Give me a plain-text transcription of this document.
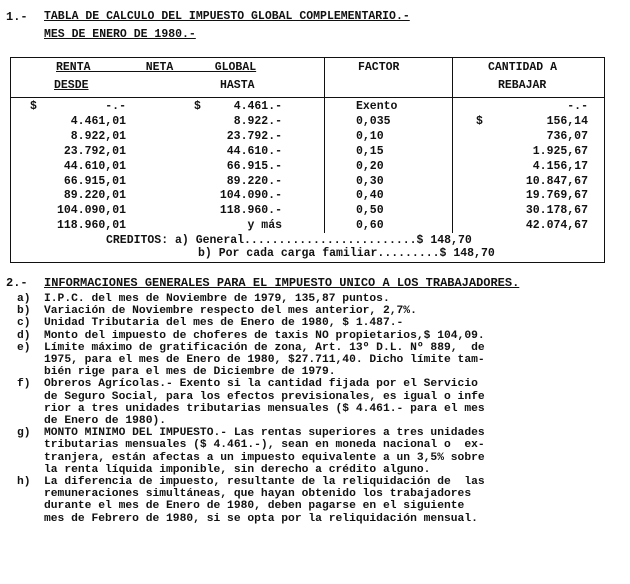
1.- TABLA DE CALCULO DEL IMPUESTO GLOBAL COMPLEMENTARIO.-
MES DE ENERO DE 1980.-
RENTA        NETA      GLOBAL
DESDE	HASTA
FACTOR	CANTIDAD A
REBAJAR
$	-.-	$	4.461.-	Exento	-.-
4.461,01	8.922.-	0,035	$	156,14
8.922,01	23.792.-	0,10	736,07
23.792,01	44.610.-	0,15	1.925,67
44.610,01	66.915.-	0,20	4.156,17
66.915,01	89.220.-	0,30	10.847,67
89.220,01	104.090.-	0,40	19.769,67
104.090,01	118.960.-	0,50	30.178,67
118.960,01	y más	0,60	42.074,67
CREDITOS: a) General.........................$ 148,70
b) Por cada carga familiar.........$ 148,70
2.- INFORMACIONES GENERALES PARA EL IMPUESTO UNICO A LOS TRABAJADORES.
a) I.P.C. del mes de Noviembre de 1979, 135,87 puntos.
b) Variación de Noviembre respecto del mes anterior, 2,7%.
c) Unidad Tributaria del mes de Enero de 1980, $ 1.487.-
d) Monto del impuesto de choferes de taxis NO propietarios,$ 104,09.
e) Límite máximo de gratificación de zona, Art. 13º D.L. Nº 889,  de
1975, para el mes de Enero de 1980, $27.711,40. Dicho límite tam-
bién rige para el mes de Diciembre de 1979.
f) Obreros Agrícolas.- Exento si la cantidad fijada por el Servicio
de Seguro Social, para los efectos previsionales, es igual o infe
rior a tres unidades tributarias mensuales ($ 4.461.- para el mes
de Enero de 1980).
g) MONTO MINIMO DEL IMPUESTO.- Las rentas superiores a tres unidades
tributarias mensuales ($ 4.461.-), sean en moneda nacional o  ex-
tranjera, están afectas a un impuesto equivalente a un 3,5% sobre
la renta líquida imponible, sin derecho a crédito alguno.
h) La diferencia de impuesto, resultante de la reliquidación de  las
remuneraciones simultáneas, que hayan obtenido los trabajadores
durante el mes de Enero de 1980, deben pagarse en el siguiente
mes de Febrero de 1980, si se opta por la reliquidación mensual.
